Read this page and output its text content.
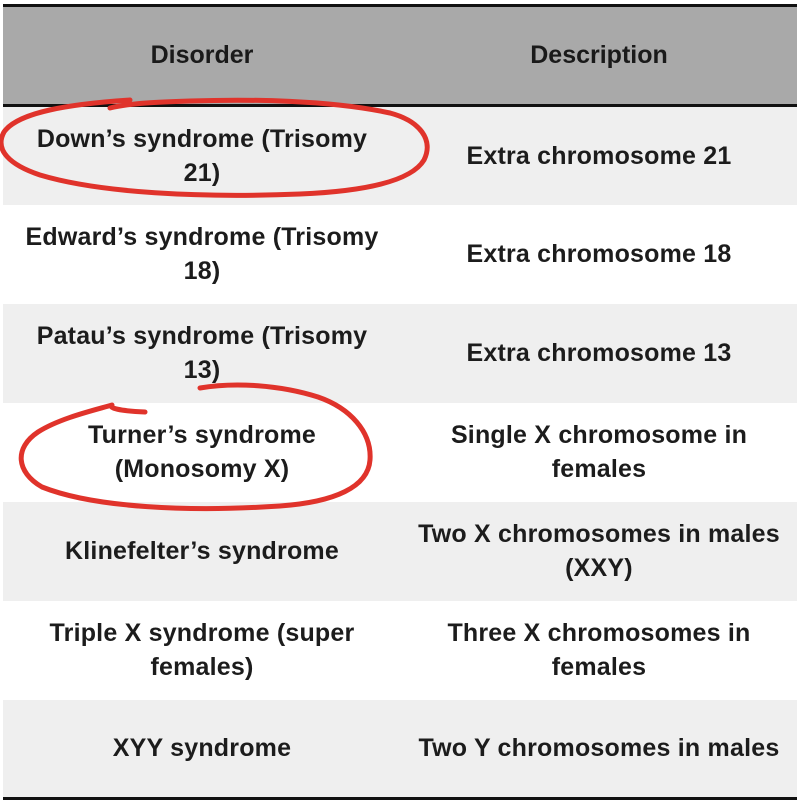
Disorder	Description
Down’s syndrome (Trisomy 21)	Extra chromosome 21
Edward’s syndrome (Trisomy 18)	Extra chromosome 18
Patau’s syndrome (Trisomy 13)	Extra chromosome 13
Turner’s syndrome (Monosomy X)	Single X chromosome in females
Klinefelter’s syndrome	Two X chromosomes in males (XXY)
Triple X syndrome (super females)	Three X chromosomes in females
XYY syndrome	Two Y chromosomes in males
